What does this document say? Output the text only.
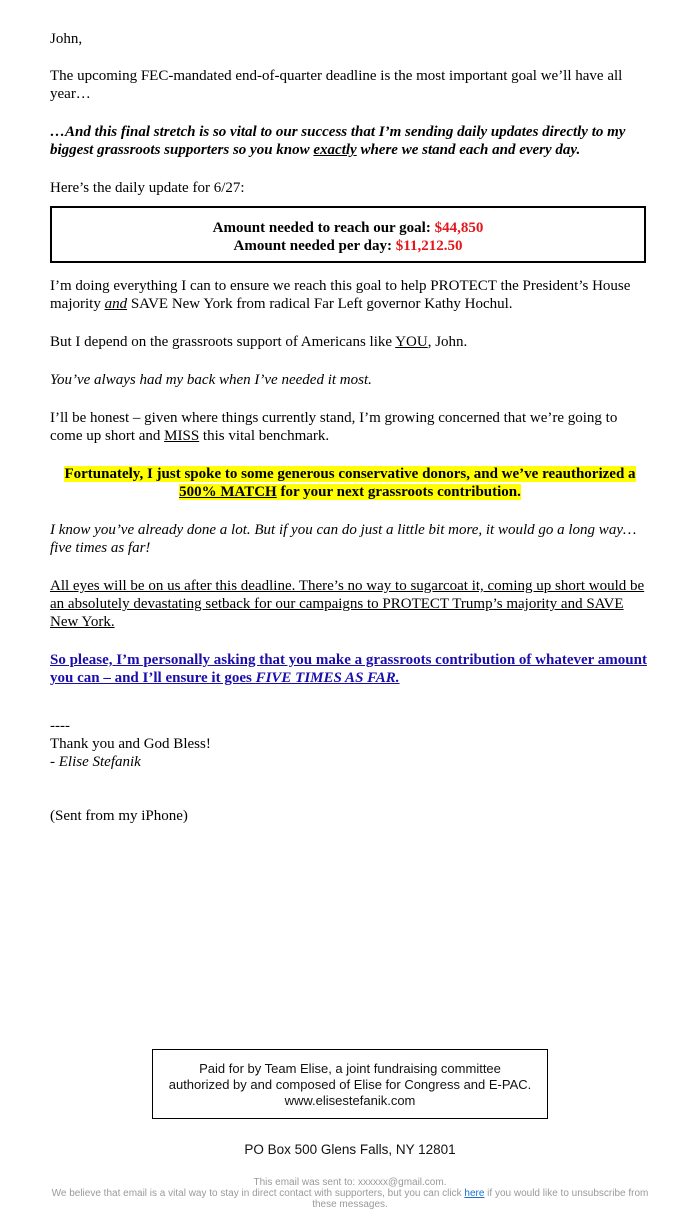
John,

The upcoming FEC-mandated end-of-quarter deadline is the most important goal we’ll have all year…

…And this final stretch is so vital to our success that I’m sending daily updates directly to my biggest grassroots supporters so you know exactly where we stand each and every day.

Here’s the daily update for 6/27:

Amount needed to reach our goal: $44,850
Amount needed per day: $11,212.50

I’m doing everything I can to ensure we reach this goal to help PROTECT the President’s House majority and SAVE New York from radical Far Left governor Kathy Hochul.

But I depend on the grassroots support of Americans like YOU, John.

You’ve always had my back when I’ve needed it most.

I’ll be honest – given where things currently stand, I’m growing concerned that we’re going to come up short and MISS this vital benchmark.

Fortunately, I just spoke to some generous conservative donors, and we’ve reauthorized a 500% MATCH for your next grassroots contribution.

I know you’ve already done a lot. But if you can do just a little bit more, it would go a long way… five times as far!

All eyes will be on us after this deadline. There’s no way to sugarcoat it, coming up short would be an absolutely devastating setback for our campaigns to PROTECT Trump’s majority and SAVE New York.

So please, I’m personally asking that you make a grassroots contribution of whatever amount you can – and I’ll ensure it goes FIVE TIMES AS FAR.

----

Thank you and God Bless!

- Elise Stefanik

(Sent from my iPhone)

Paid for by Team Elise, a joint fundraising committee authorized by and composed of Elise for Congress and E-PAC. www.elisestefanik.com
PO Box 500 Glens Falls, NY 12801
This email was sent to: xxxxxx@gmail.com.
We believe that email is a vital way to stay in direct contact with supporters, but you can click here if you would like to unsubscribe from these messages.
